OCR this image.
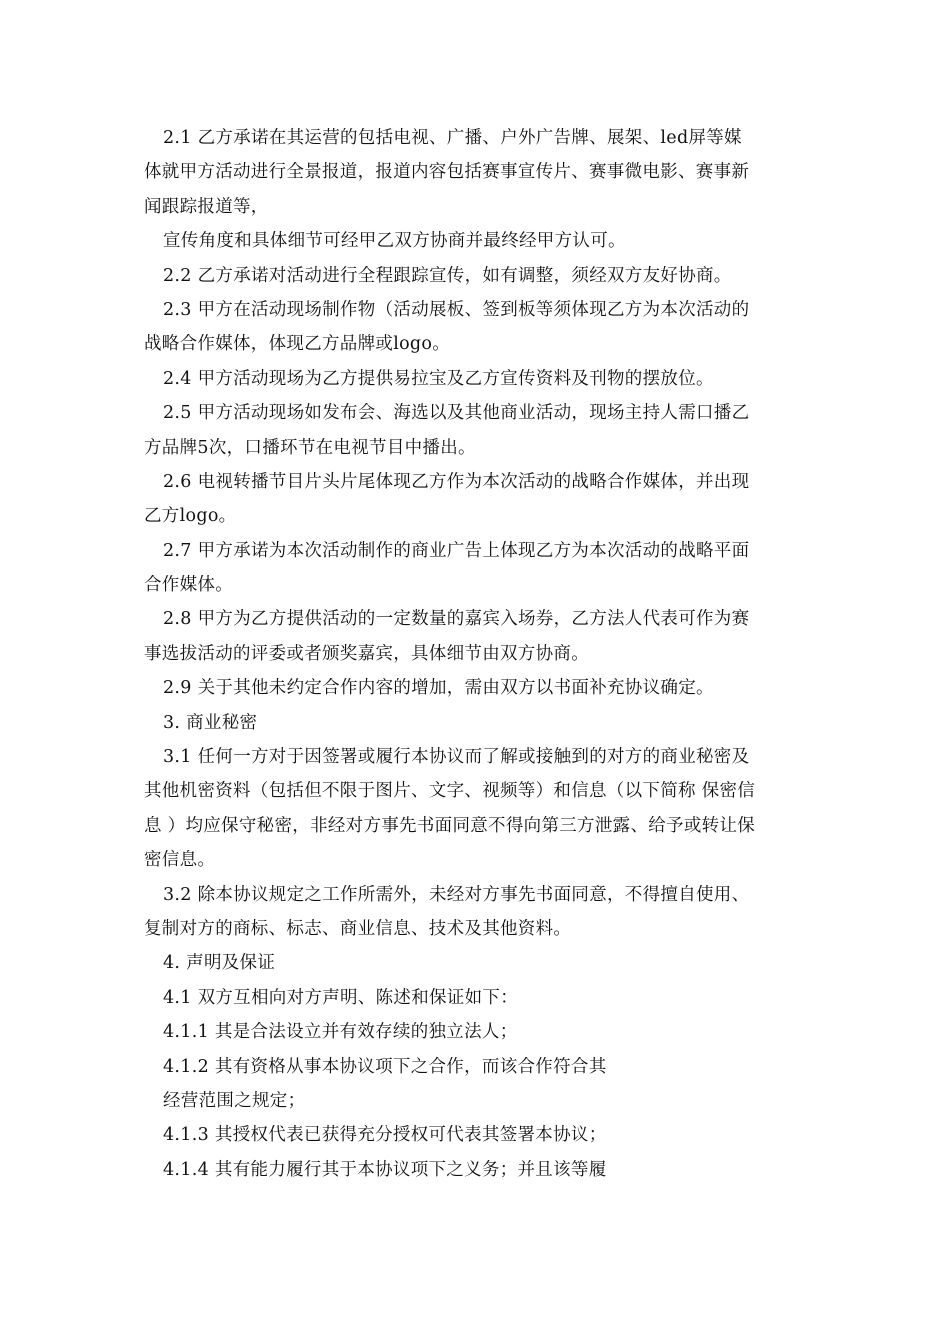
2.1 乙方承诺在其运营的包括电视、广播、户外广告牌、展架、led屏等媒
体就甲方活动进行全景报道，报道内容包括赛事宣传片、赛事微电影、赛事新
闻跟踪报道等，
宣传角度和具体细节可经甲乙双方协商并最终经甲方认可。
2.2 乙方承诺对活动进行全程跟踪宣传，如有调整，须经双方友好协商。
2.3 甲方在活动现场制作物（活动展板、签到板等须体现乙方为本次活动的
战略合作媒体，体现乙方品牌或logo。
2.4 甲方活动现场为乙方提供易拉宝及乙方宣传资料及刊物的摆放位。
2.5 甲方活动现场如发布会、海选以及其他商业活动，现场主持人需口播乙
方品牌5次，口播环节在电视节目中播出。
2.6 电视转播节目片头片尾体现乙方作为本次活动的战略合作媒体，并出现
乙方logo。
2.7 甲方承诺为本次活动制作的商业广告上体现乙方为本次活动的战略平面
合作媒体。
2.8 甲方为乙方提供活动的一定数量的嘉宾入场券，乙方法人代表可作为赛
事选拔活动的评委或者颁奖嘉宾，具体细节由双方协商。
2.9 关于其他未约定合作内容的增加，需由双方以书面补充协议确定。
3. 商业秘密
3.1 任何一方对于因签署或履行本协议而了解或接触到的对方的商业秘密及
其他机密资料（包括但不限于图片、文字、视频等）和信息（以下简称 保密信
息 ）均应保守秘密，非经对方事先书面同意不得向第三方泄露、给予或转让保
密信息。
3.2 除本协议规定之工作所需外，未经对方事先书面同意，不得擅自使用、
复制对方的商标、标志、商业信息、技术及其他资料。
4. 声明及保证
4.1 双方互相向对方声明、陈述和保证如下：
4.1.1 其是合法设立并有效存续的独立法人；
4.1.2 其有资格从事本协议项下之合作，而该合作符合其
经营范围之规定；
4.1.3 其授权代表已获得充分授权可代表其签署本协议；
4.1.4 其有能力履行其于本协议项下之义务；并且该等履
